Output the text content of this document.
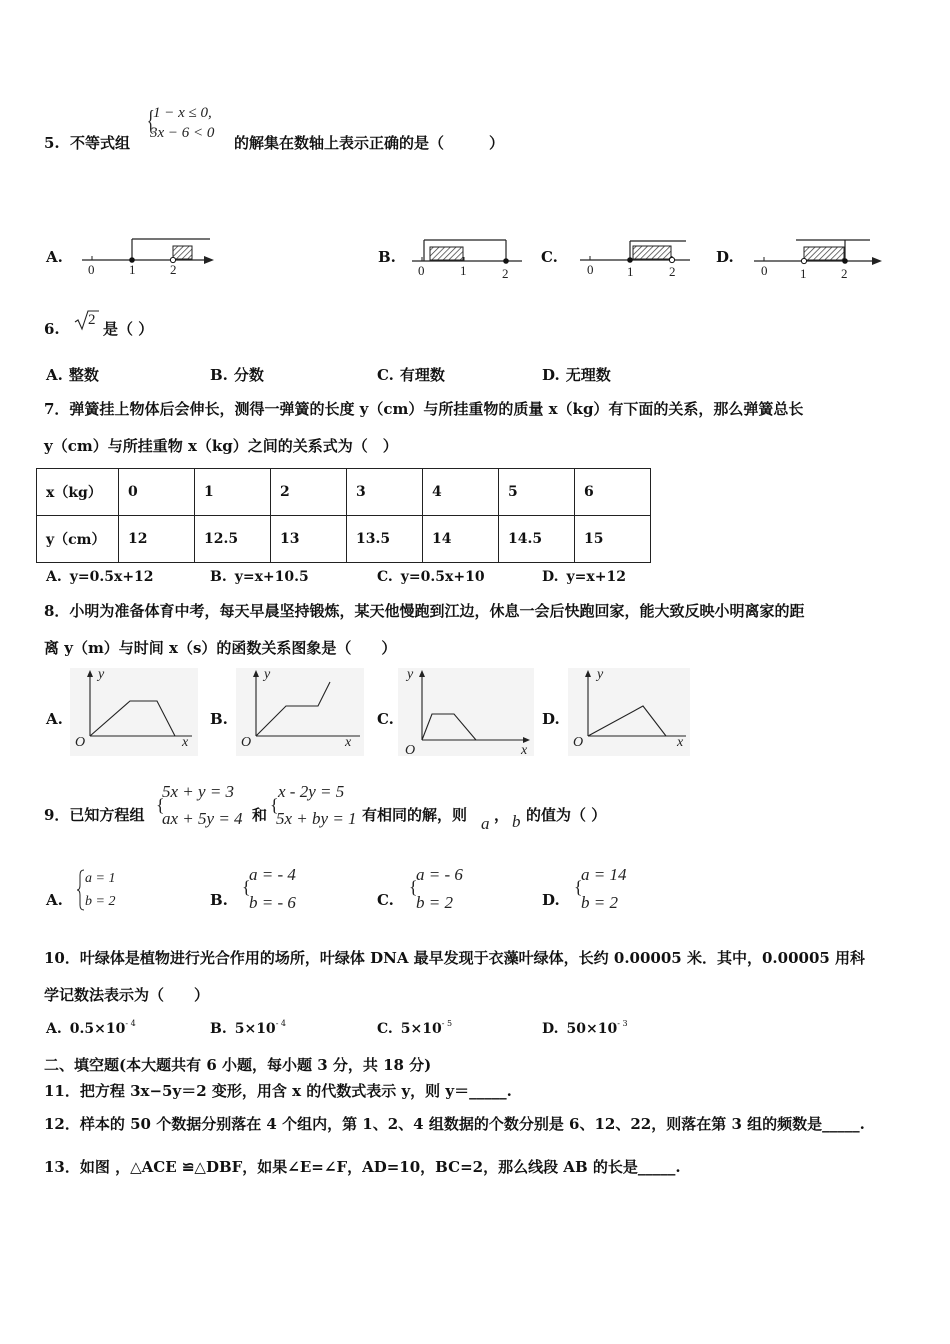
5. 不等式组
{
1 − x ≤ 0,
3x − 6 < 0
的解集在数轴上表示正确的是（　　　）
A.
0	1	2
B.
0	1	2
C.
0	1	2
D.
0	1	2
6. 2 是（ ）
A. 整数	B. 分数	C. 有理数	D. 无理数
7．弹簧挂上物体后会伸长，测得一弹簧的长度 y（cm）与所挂重物的质量 x（kg）有下面的关系，那么弹簧总长
y（cm）与所挂重物 x（kg）之间的关系式为（　）
x（kg）	0	1	2	3	4	5	6
y（cm）	12	12.5	13	13.5	14	14.5	15
A. y=0.5x+12	B. y=x+10.5	C. y=0.5x+10	D. y=x+12
8．小明为准备体育中考，每天早晨坚持锻炼，某天他慢跑到江边，休息一会后快跑回家，能大致反映小明离家的距
离 y（m）与时间 x（s）的函数关系图象是（　　）
A.
y
O	x
B.
y
O	x
C.
y
O	x
D.
y
O	x
9．已知方程组 {
5x + y = 3
ax + 5y = 4 和 {
x - 2y = 5
5x + by = 1 有相同的解，则 a ， b 的值为（ ）
A.
a = 1
b = 2	B.
{
a = - 4
b = - 6	C.
{
a = - 6
b = 2	D.
{
a = 14
b = 2
10．叶绿体是植物进行光合作用的场所，叶绿体 DNA 最早发现于衣藻叶绿体，长约 0.00005 米．其中，0.00005 用科
学记数法表示为（　　）
A. $0.5\times 10^{- 4}$	B. $5\times 10^{- 4}$	C. $5\times 10^{- 5}$	D. $50\times 10^{- 3}$
二、填空题(本大题共有 6 小题，每小题 3 分，共 18 分)
11．把方程 3x−5y＝2 变形，用含 x 的代数式表示 y，则 y＝_____.
12．样本的 50 个数据分别落在 4 个组内，第 1、2、4 组数据的个数分别是 6、12、22，则落在第 3 组的频数是_____.
13．如图 ，△ACE ≌△DBF，如果∠E=∠F，AD=10，BC=2，那么线段 AB 的长是_____.
